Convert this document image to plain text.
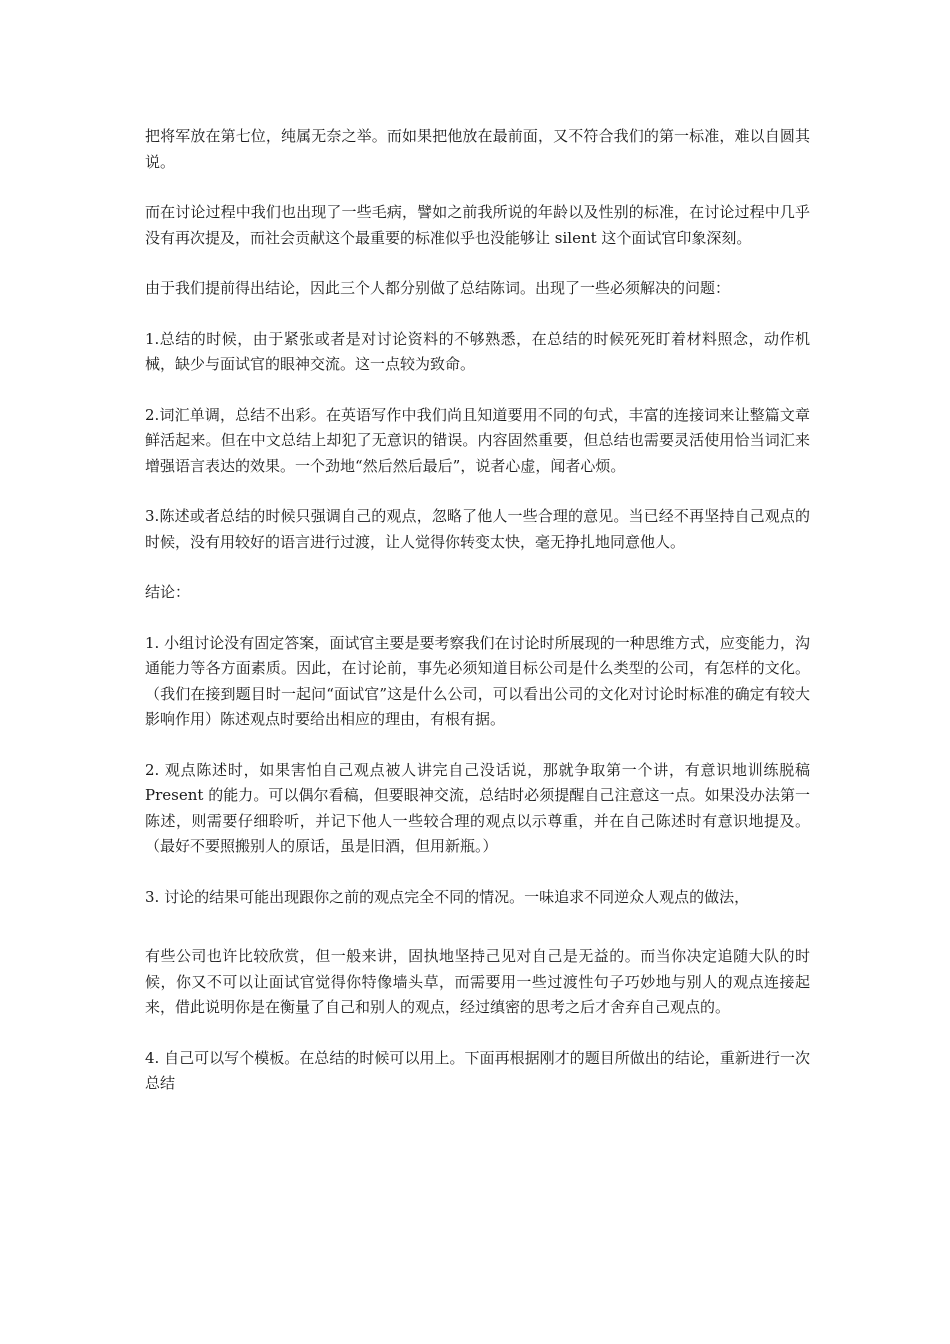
把将军放在第七位，纯属无奈之举。而如果把他放在最前面，又不符合我们的第一标准，难以自圆其说。

而在讨论过程中我们也出现了一些毛病，譬如之前我所说的年龄以及性别的标准，在讨论过程中几乎没有再次提及，而社会贡献这个最重要的标准似乎也没能够让 silent 这个面试官印象深刻。

由于我们提前得出结论，因此三个人都分别做了总结陈词。出现了一些必须解决的问题：

1.总结的时候，由于紧张或者是对讨论资料的不够熟悉，在总结的时候死死盯着材料照念，动作机械，缺少与面试官的眼神交流。这一点较为致命。

2.词汇单调，总结不出彩。在英语写作中我们尚且知道要用不同的句式，丰富的连接词来让整篇文章鲜活起来。但在中文总结上却犯了无意识的错误。内容固然重要，但总结也需要灵活使用恰当词汇来增强语言表达的效果。一个劲地“然后然后最后”，说者心虚，闻者心烦。

3.陈述或者总结的时候只强调自己的观点，忽略了他人一些合理的意见。当已经不再坚持自己观点的时候，没有用较好的语言进行过渡，让人觉得你转变太快，毫无挣扎地同意他人。

结论：

1. 小组讨论没有固定答案，面试官主要是要考察我们在讨论时所展现的一种思维方式，应变能力，沟通能力等各方面素质。因此，在讨论前，事先必须知道目标公司是什么类型的公司，有怎样的文化。（我们在接到题目时一起问“面试官”这是什么公司，可以看出公司的文化对讨论时标准的确定有较大影响作用）陈述观点时要给出相应的理由，有根有据。

2. 观点陈述时，如果害怕自己观点被人讲完自己没话说，那就争取第一个讲，有意识地训练脱稿 Present 的能力。可以偶尔看稿，但要眼神交流，总结时必须提醒自己注意这一点。如果没办法第一陈述，则需要仔细聆听，并记下他人一些较合理的观点以示尊重，并在自己陈述时有意识地提及。（最好不要照搬别人的原话，虽是旧酒，但用新瓶。）

3. 讨论的结果可能出现跟你之前的观点完全不同的情况。一味追求不同逆众人观点的做法，

有些公司也许比较欣赏，但一般来讲，固执地坚持己见对自己是无益的。而当你决定追随大队的时候，你又不可以让面试官觉得你特像墙头草，而需要用一些过渡性句子巧妙地与别人的观点连接起来，借此说明你是在衡量了自己和别人的观点，经过缜密的思考之后才舍弃自己观点的。

4. 自己可以写个模板。在总结的时候可以用上。下面再根据刚才的题目所做出的结论，重新进行一次总结
